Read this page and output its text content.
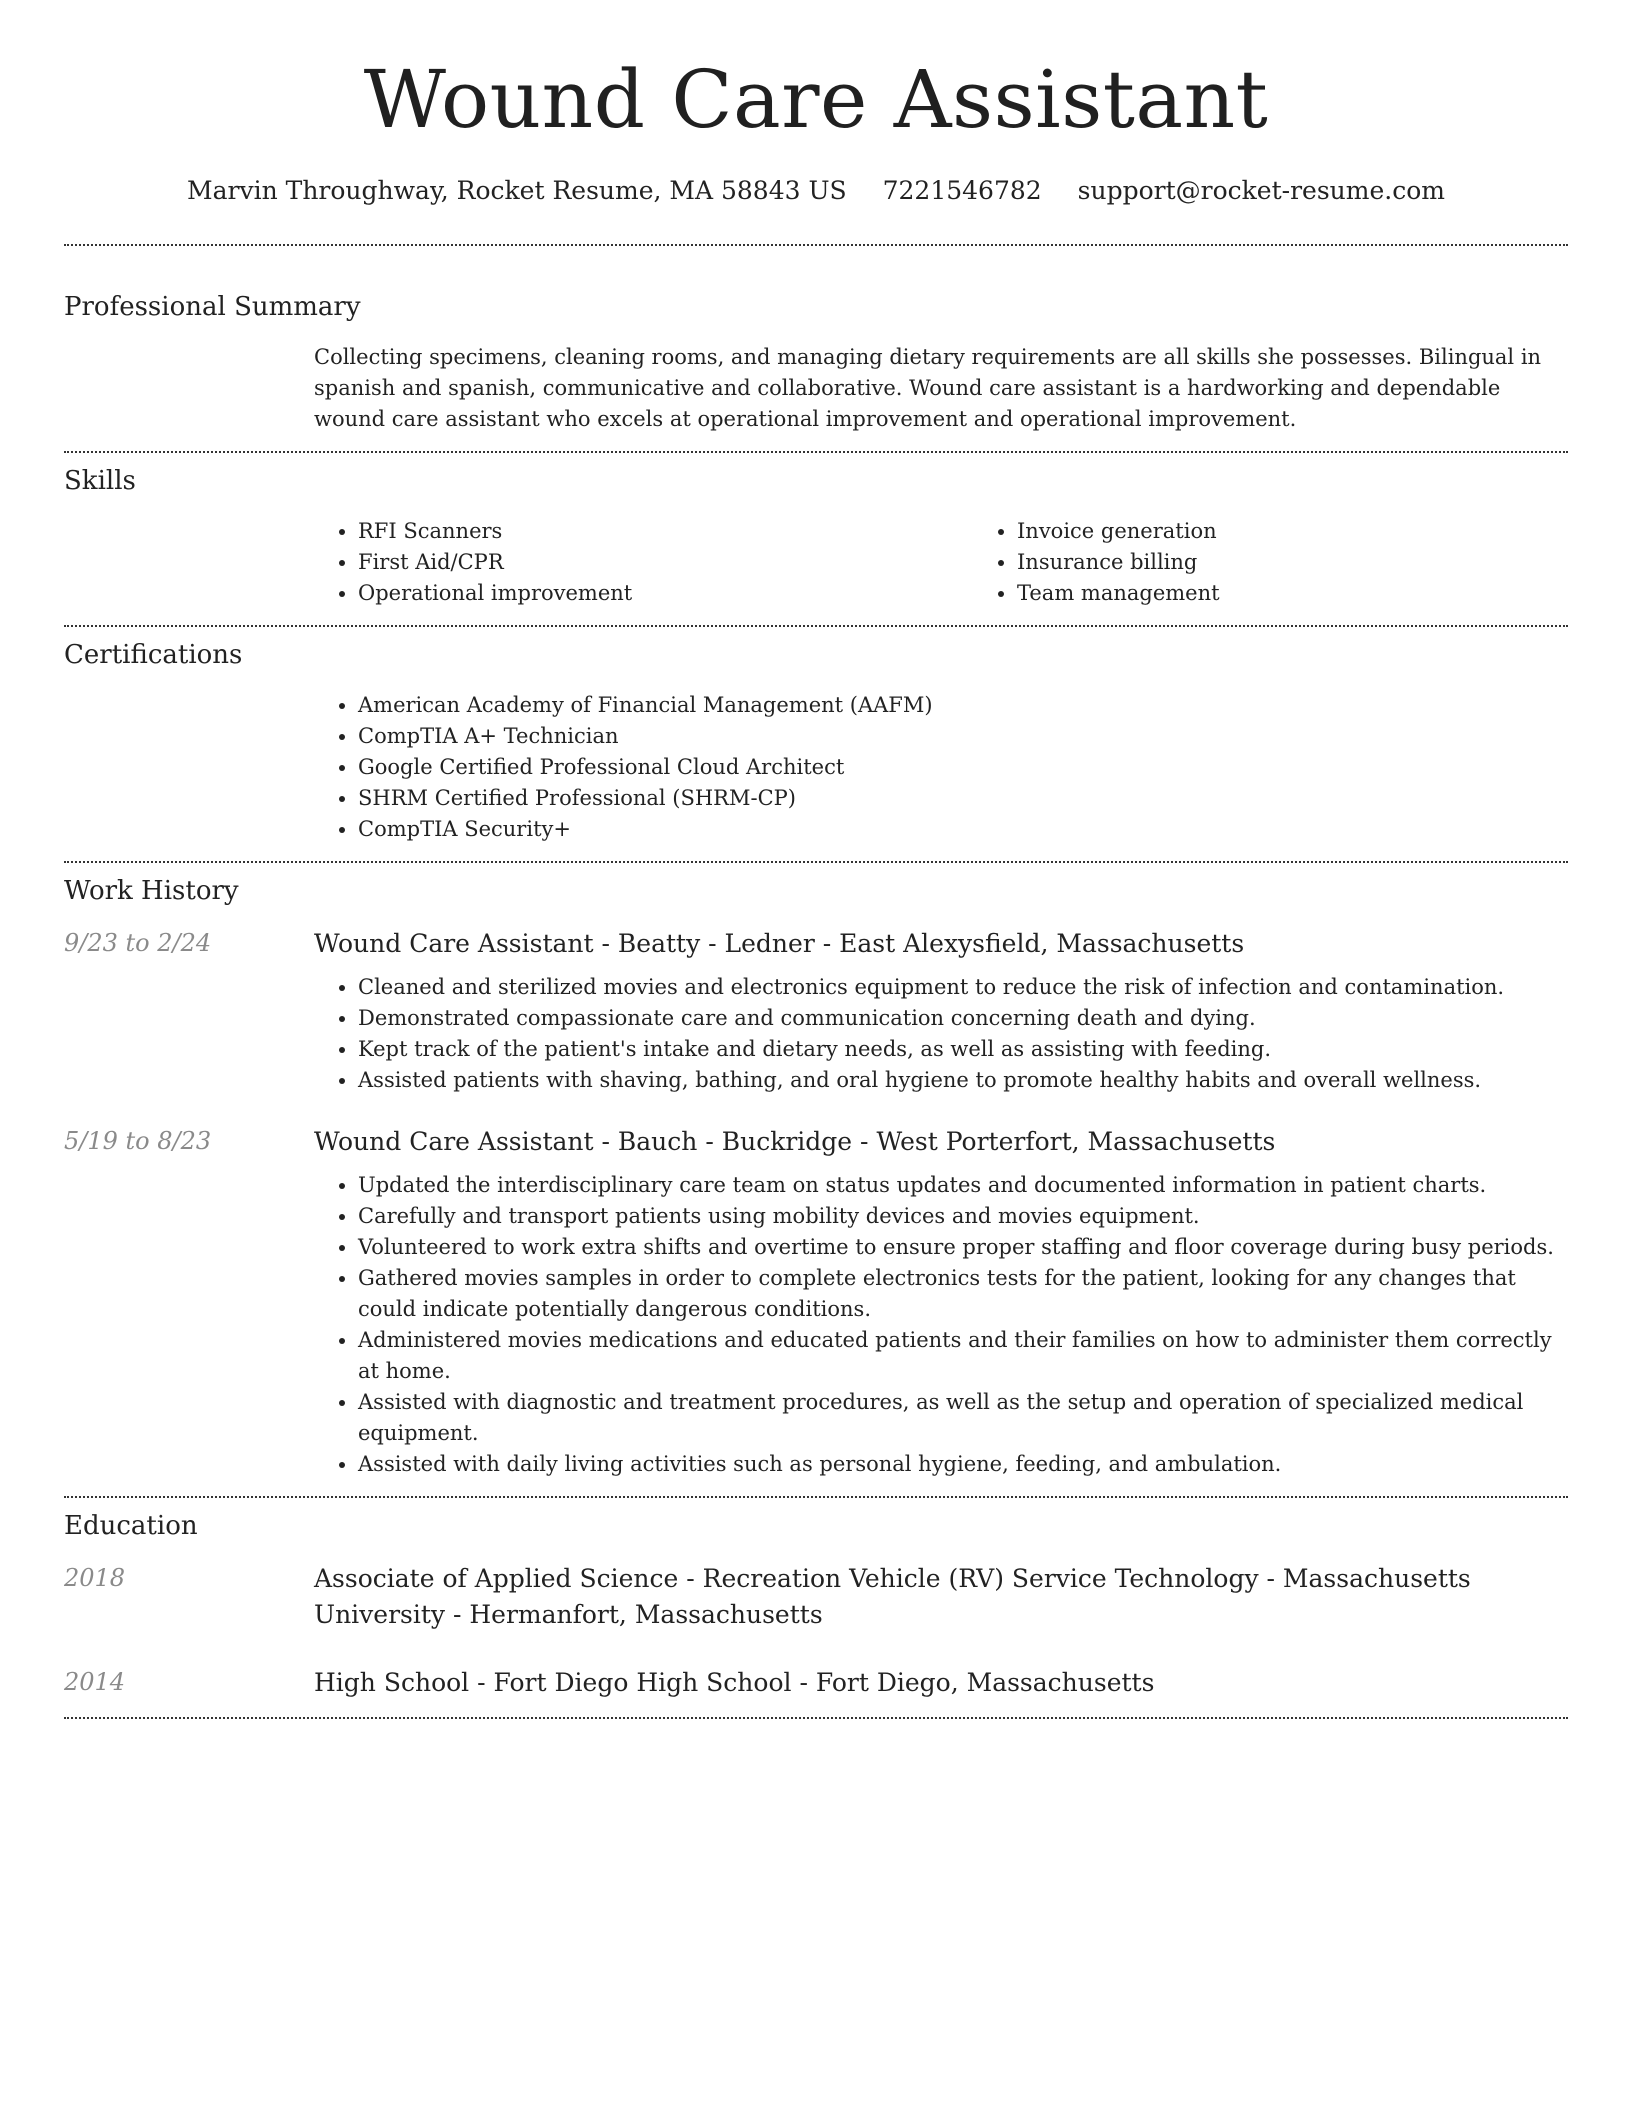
Wound Care Assistant
Marvin Throughway, Rocket Resume, MA 58843 US 7221546782 support@rocket-resume.com
Professional Summary
Collecting specimens, cleaning rooms, and managing dietary requirements are all skills she possesses. Bilingual in spanish and spanish, communicative and collaborative. Wound care assistant is a hardworking and dependable wound care assistant who excels at operational improvement and operational improvement.
Skills
• RFI Scanners
• First Aid/CPR
• Operational improvement
• Invoice generation
• Insurance billing
• Team management
Certifications
• American Academy of Financial Management (AAFM)
• CompTIA A+ Technician
• Google Certified Professional Cloud Architect
• SHRM Certified Professional (SHRM-CP)
• CompTIA Security+
Work History
9/23 to 2/24	Wound Care Assistant - Beatty - Ledner - East Alexysfield, Massachusetts
• Cleaned and sterilized movies and electronics equipment to reduce the risk of infection and contamination.
• Demonstrated compassionate care and communication concerning death and dying.
• Kept track of the patient's intake and dietary needs, as well as assisting with feeding.
• Assisted patients with shaving, bathing, and oral hygiene to promote healthy habits and overall wellness.
5/19 to 8/23	Wound Care Assistant - Bauch - Buckridge - West Porterfort, Massachusetts
• Updated the interdisciplinary care team on status updates and documented information in patient charts.
• Carefully and transport patients using mobility devices and movies equipment.
• Volunteered to work extra shifts and overtime to ensure proper staffing and floor coverage during busy periods.
• Gathered movies samples in order to complete electronics tests for the patient, looking for any changes that could indicate potentially dangerous conditions.
• Administered movies medications and educated patients and their families on how to administer them correctly at home.
• Assisted with diagnostic and treatment procedures, as well as the setup and operation of specialized medical equipment.
• Assisted with daily living activities such as personal hygiene, feeding, and ambulation.
Education
2018	Associate of Applied Science - Recreation Vehicle (RV) Service Technology - Massachusetts University - Hermanfort, Massachusetts
2014	High School - Fort Diego High School - Fort Diego, Massachusetts
